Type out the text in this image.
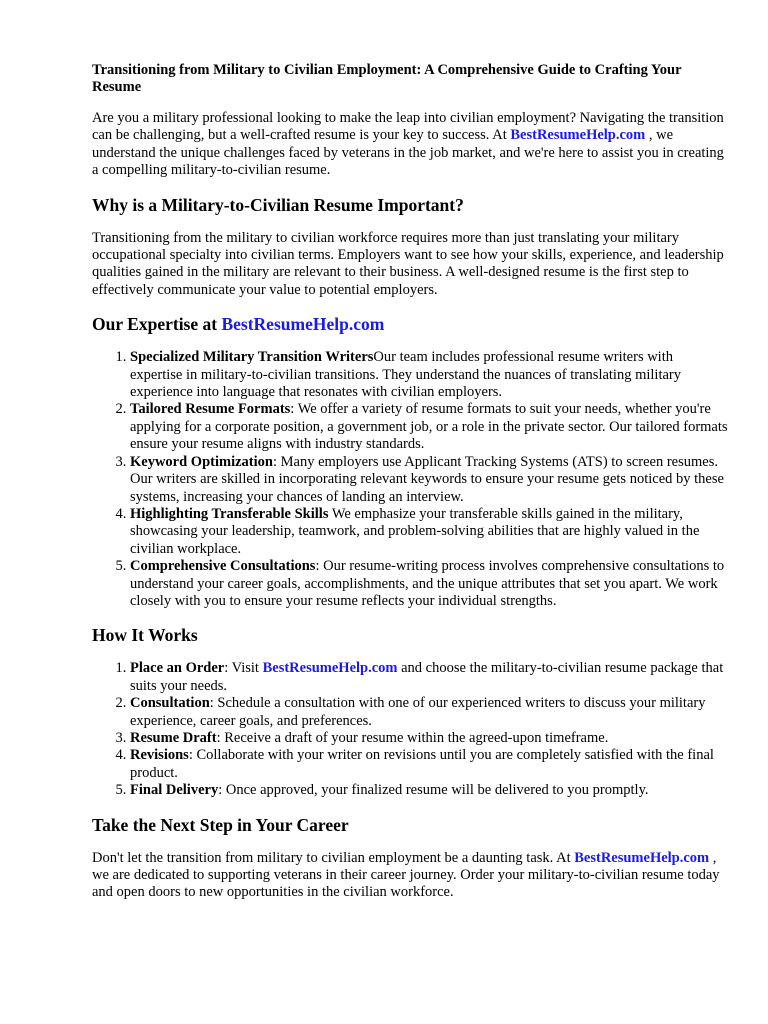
Transitioning from Military to Civilian Employment: A Comprehensive Guide to Crafting Your Resume

Are you a military professional looking to make the leap into civilian employment? Navigating the transition can be challenging, but a well-crafted resume is your key to success. At BestResumeHelp.com , we understand the unique challenges faced by veterans in the job market, and we're here to assist you in creating a compelling military-to-civilian resume.

Why is a Military-to-Civilian Resume Important?

Transitioning from the military to civilian workforce requires more than just translating your military occupational specialty into civilian terms. Employers want to see how your skills, experience, and leadership qualities gained in the military are relevant to their business. A well-designed resume is the first step to effectively communicate your value to potential employers.

Our Expertise at BestResumeHelp.com
1. Specialized Military Transition WritersOur team includes professional resume writers with expertise in military-to-civilian transitions. They understand the nuances of translating military experience into language that resonates with civilian employers.
2. Tailored Resume Formats: We offer a variety of resume formats to suit your needs, whether you're applying for a corporate position, a government job, or a role in the private sector. Our tailored formats ensure your resume aligns with industry standards.
3. Keyword Optimization: Many employers use Applicant Tracking Systems (ATS) to screen resumes. Our writers are skilled in incorporating relevant keywords to ensure your resume gets noticed by these systems, increasing your chances of landing an interview.
4. Highlighting Transferable Skills We emphasize your transferable skills gained in the military, showcasing your leadership, teamwork, and problem-solving abilities that are highly valued in the civilian workplace.
5. Comprehensive Consultations: Our resume-writing process involves comprehensive consultations to understand your career goals, accomplishments, and the unique attributes that set you apart. We work closely with you to ensure your resume reflects your individual strengths.
How It Works
1. Place an Order: Visit BestResumeHelp.com and choose the military-to-civilian resume package that suits your needs.
2. Consultation: Schedule a consultation with one of our experienced writers to discuss your military experience, career goals, and preferences.
3. Resume Draft: Receive a draft of your resume within the agreed-upon timeframe.
4. Revisions: Collaborate with your writer on revisions until you are completely satisfied with the final product.
5. Final Delivery: Once approved, your finalized resume will be delivered to you promptly.
Take the Next Step in Your Career

Don't let the transition from military to civilian employment be a daunting task. At BestResumeHelp.com , we are dedicated to supporting veterans in their career journey. Order your military-to-civilian resume today and open doors to new opportunities in the civilian workforce.
